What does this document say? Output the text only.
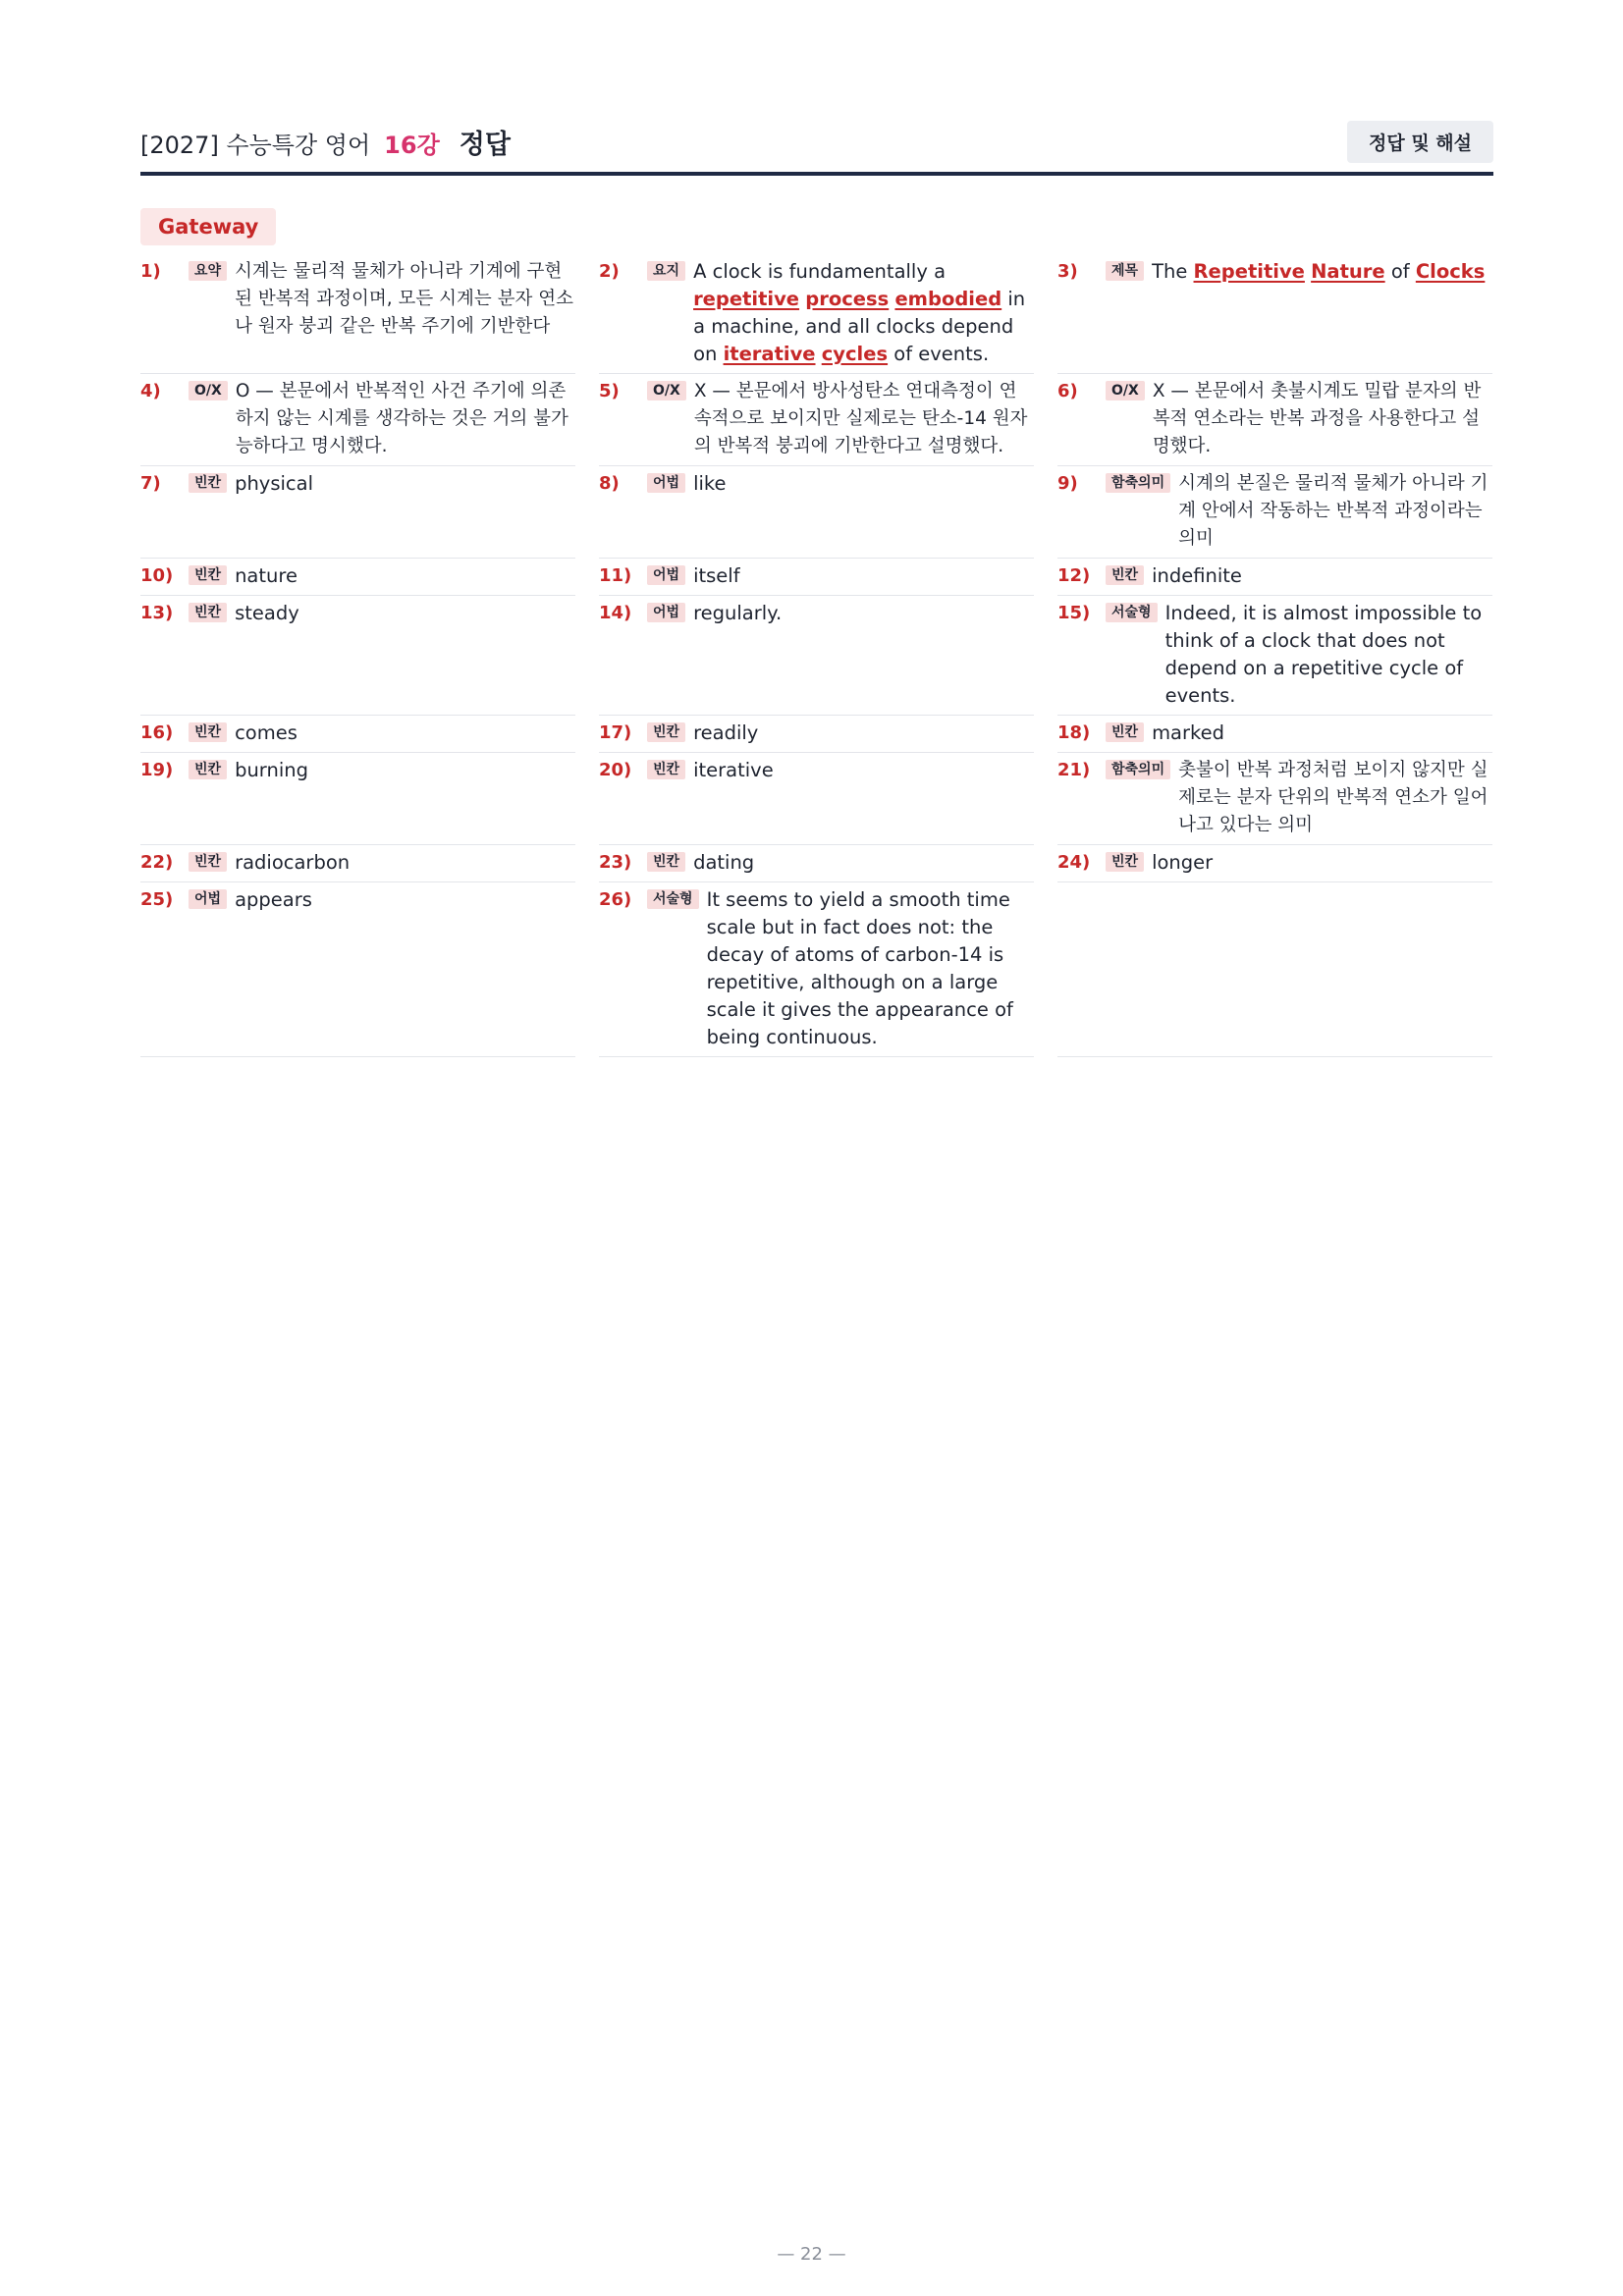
[2027] 수능특강 영어 16강 정답	정답 및 해설
Gateway
1)	요약 시계는 물리적 물체가 아니라 기계에 구현된 반복적 과정이며, 모든 시계는 분자 연소나 원자 붕괴 같은 반복 주기에 기반한다
2)	요지 A clock is fundamentally a repetitive process embodied in a machine, and all clocks depend on iterative cycles of events.
3)	제목 The Repetitive Nature of Clocks
4)	O/X O — 본문에서 반복적인 사건 주기에 의존하지 않는 시계를 생각하는 것은 거의 불가능하다고 명시했다.
5)	O/X X — 본문에서 방사성탄소 연대측정이 연속적으로 보이지만 실제로는 탄소-14 원자의 반복적 붕괴에 기반한다고 설명했다.
6)	O/X X — 본문에서 촛불시계도 밀랍 분자의 반복적 연소라는 반복 과정을 사용한다고 설명했다.
7)	빈칸 physical	8)	어법 like	9)	함축의미 시계의 본질은 물리적 물체가 아니라 기계 안에서 작동하는 반복적 과정이라는 의미
10)	빈칸 nature	11)	어법 itself	12)	빈칸 indefinite
13)	빈칸 steady	14)	어법 regularly.	15)	서술형 Indeed, it is almost impossible to think of a clock that does not depend on a repetitive cycle of events.
16)	빈칸 comes	17)	빈칸 readily	18)	빈칸 marked
19)	빈칸 burning	20)	빈칸 iterative	21)	함축의미 촛불이 반복 과정처럼 보이지 않지만 실제로는 분자 단위의 반복적 연소가 일어나고 있다는 의미
22)	빈칸 radiocarbon	23)	빈칸 dating	24)	빈칸 longer
25)	어법 appears	26)	서술형 It seems to yield a smooth time scale but in fact does not: the decay of atoms of carbon-14 is repetitive, although on a large scale it gives the appearance of being continuous.
— 22 —
